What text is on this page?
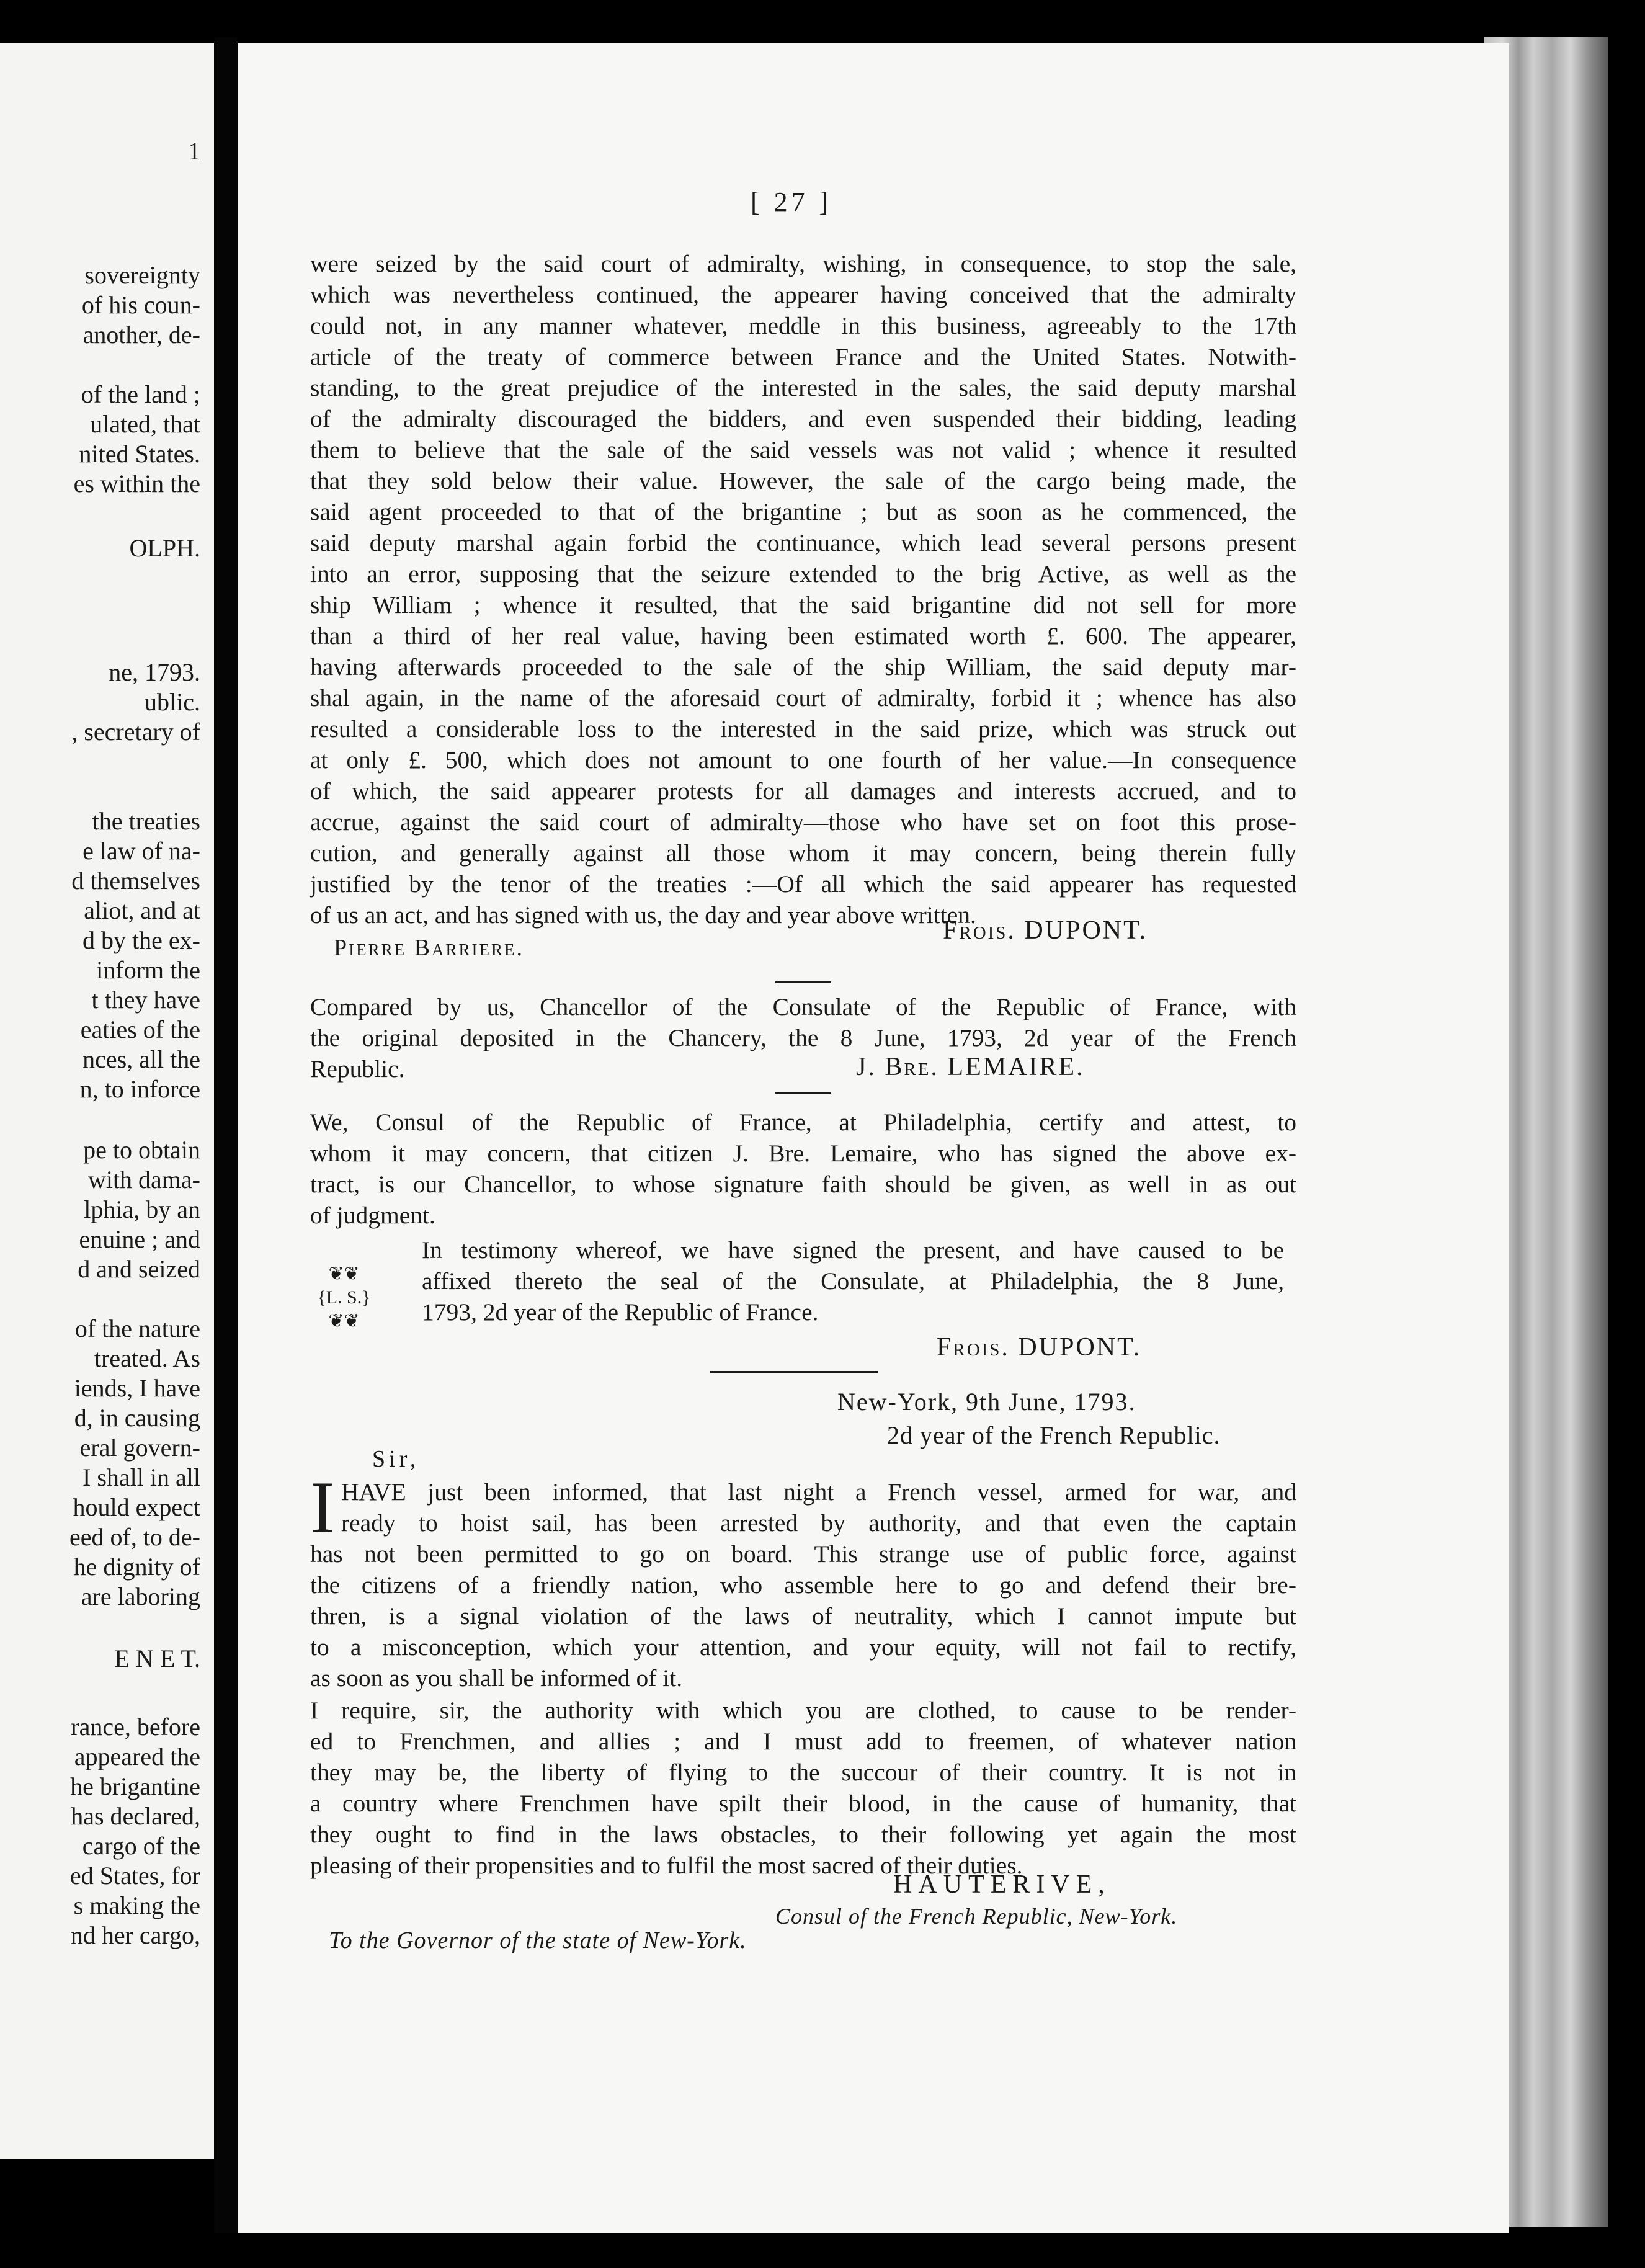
1
sovereignty
of his coun-
another, de-
of the land ;
ulated, that
nited States.
es within the
OLPH.
ne, 1793.
ublic.
, secretary of
the treaties
e law of na-
d themselves
aliot, and at
d by the ex-
inform the
t they have
eaties of the
nces, all the
n, to inforce
pe to obtain
with dama-
lphia, by an
enuine ; and
d and seized
of the nature
treated. As
iends, I have
d, in causing
eral govern-
I shall in all
hould expect
eed of, to de-
he dignity of
are laboring
E N E T.
rance, before
appeared the
he brigantine
has declared,
cargo of the
ed States, for
s making the
nd her cargo,
[ 27 ]

were seized by the said court of admiralty, wishing, in consequence, to stop the sale,
which was nevertheless continued, the appearer having conceived that the admiralty
could not, in any manner whatever, meddle in this business, agreeably to the 17th
article of the treaty of commerce between France and the United States. Notwith-
standing, to the great prejudice of the interested in the sales, the said deputy marshal
of the admiralty discouraged the bidders, and even suspended their bidding, leading
them to believe that the sale of the said vessels was not valid ; whence it resulted
that they sold below their value. However, the sale of the cargo being made, the
said agent proceeded to that of the brigantine ; but as soon as he commenced, the
said deputy marshal again forbid the continuance, which lead several persons present
into an error, supposing that the seizure extended to the brig Active, as well as the
ship William ; whence it resulted, that the said brigantine did not sell for more
than a third of her real value, having been estimated worth £. 600. The appearer,
having afterwards proceeded to the sale of the ship William, the said deputy mar-
shal again, in the name of the aforesaid court of admiralty, forbid it ; whence has also
resulted a considerable loss to the interested in the said prize, which was struck out
at only £. 500, which does not amount to one fourth of her value.—In consequence
of which, the said appearer protests for all damages and interests accrued, and to
accrue, against the said court of admiralty—those who have set on foot this prose-
cution, and generally against all those whom it may concern, being therein fully
justified by the tenor of the treaties :—Of all which the said appearer has requested
of us an act, and has signed with us, the day and year above written.

Frois. DUPONT.
Pierre Barriere.

Compared by us, Chancellor of the Consulate of the Republic of France, with
the original deposited in the Chancery, the 8 June, 1793, 2d year of the French
Republic.	J. Bre. LEMAIRE.

We, Consul of the Republic of France, at Philadelphia, certify and attest, to
whom it may concern, that citizen J. Bre. Lemaire, who has signed the above ex-
tract, is our Chancellor, to whose signature faith should be given, as well in as out
of judgment.

In testimony whereof, we have signed the present, and have caused to be
affixed thereto the seal of the Consulate, at Philadelphia, the 8 June,
1793, 2d year of the Republic of France.

❦❦
{L. S.}
❦❦
Frois. DUPONT.
New-York, 9th June, 1793.
2d year of the French Republic.
Sir,
I HAVE just been informed, that last night a French vessel, armed for war, and
ready to hoist sail, has been arrested by authority, and that even the captain
has not been permitted to go on board. This strange use of public force, against
the citizens of a friendly nation, who assemble here to go and defend their bre-
thren, is a signal violation of the laws of neutrality, which I cannot impute but
to a misconception, which your attention, and your equity, will not fail to rectify,
as soon as you shall be informed of it.

I require, sir, the authority with which you are clothed, to cause to be render-
ed to Frenchmen, and allies ; and I must add to freemen, of whatever nation
they may be, the liberty of flying to the succour of their country. It is not in
a country where Frenchmen have spilt their blood, in the cause of humanity, that
they ought to find in the laws obstacles, to their following yet again the most
pleasing of their propensities and to fulfil the most sacred of their duties.

HAUTERIVE,
Consul of the French Republic, New-York.
To the Governor of the state of New-York.
